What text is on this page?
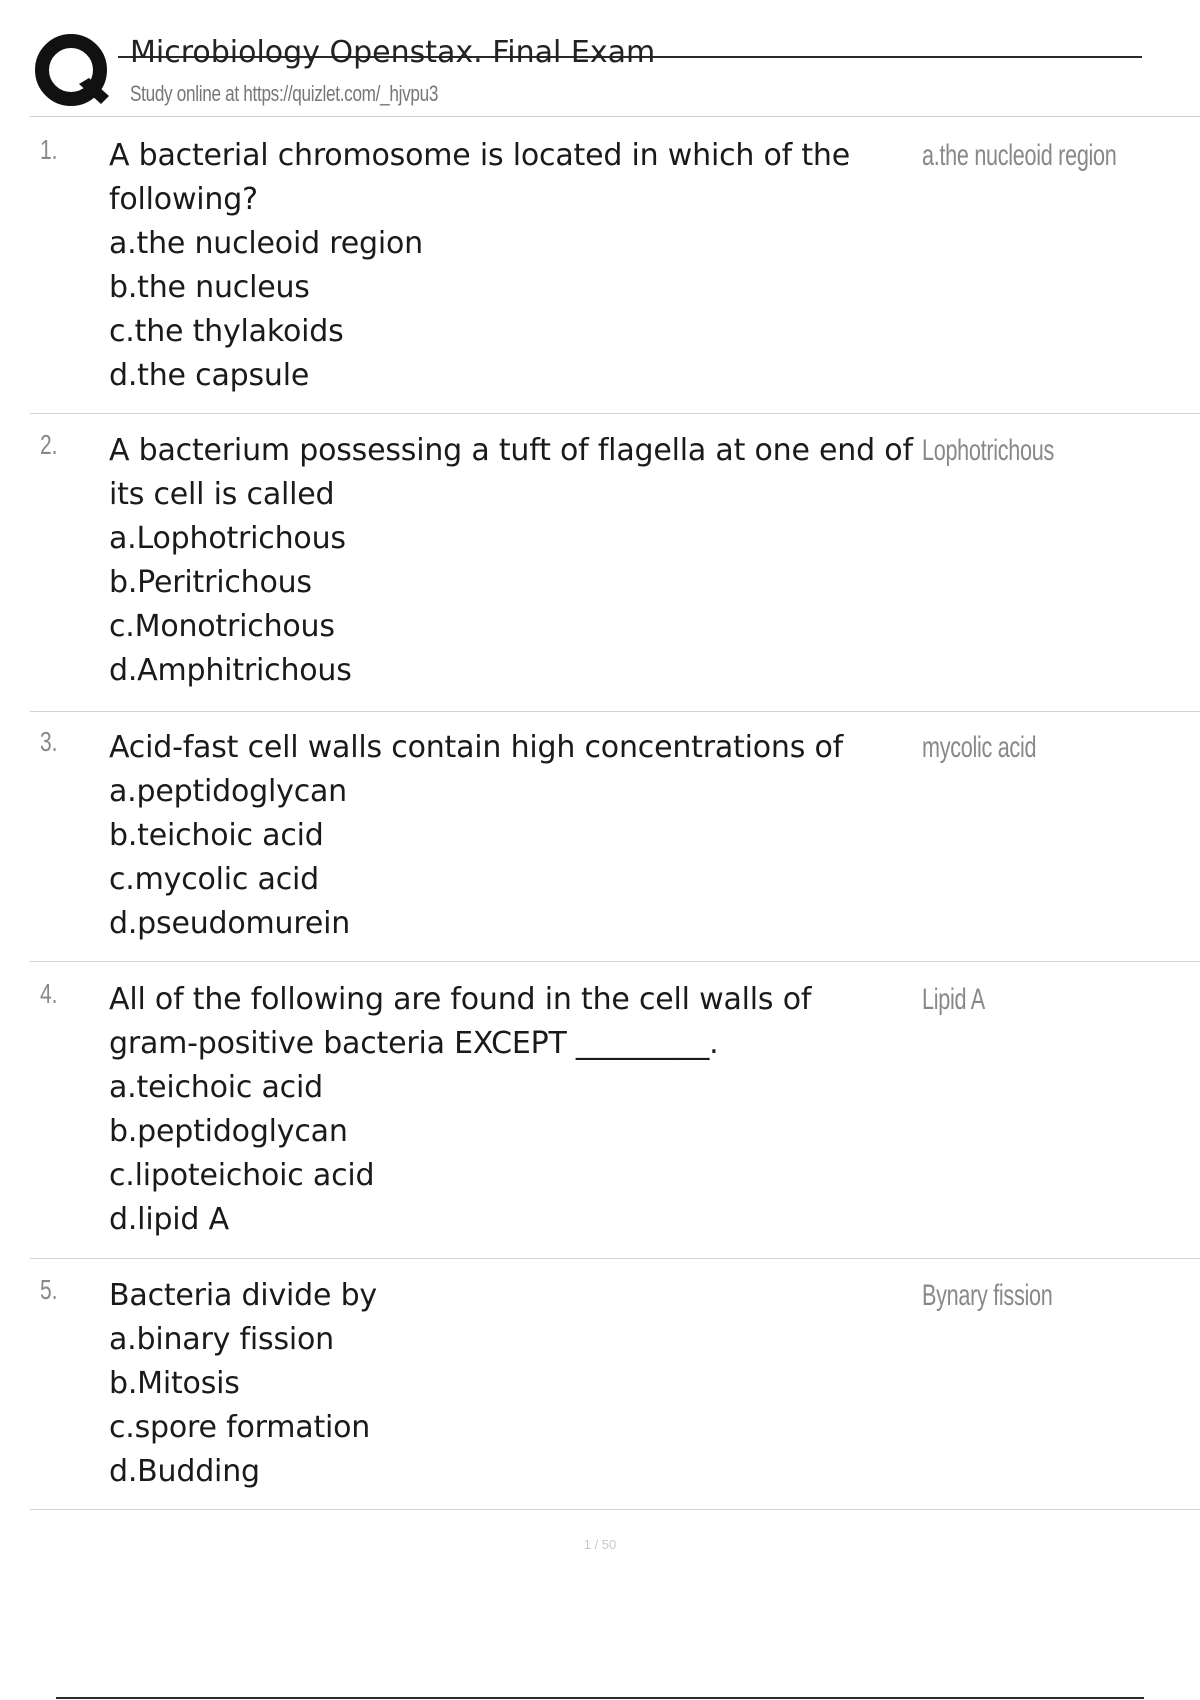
Microbiology Openstax. Final Exam
Study online at https://quizlet.com/_hjvpu3
1. A bacterial chromosome is located in which of the
following?
a.the nucleoid region
b.the nucleus
c.the thylakoids
d.the capsule
a.the nucleoid region
2. A bacterium possessing a tuft of flagella at one end of
its cell is called
a.Lophotrichous
b.Peritrichous
c.Monotrichous
d.Amphitrichous
Lophotrichous
3. Acid-fast cell walls contain high concentrations of
a.peptidoglycan
b.teichoic acid
c.mycolic acid
d.pseudomurein
mycolic acid
4. All of the following are found in the cell walls of
gram-positive bacteria EXCEPT _________.
a.teichoic acid
b.peptidoglycan
c.lipoteichoic acid
d.lipid A
Lipid A
5. Bacteria divide by
a.binary fission
b.Mitosis
c.spore formation
d.Budding
Bynary fission
1 / 50
